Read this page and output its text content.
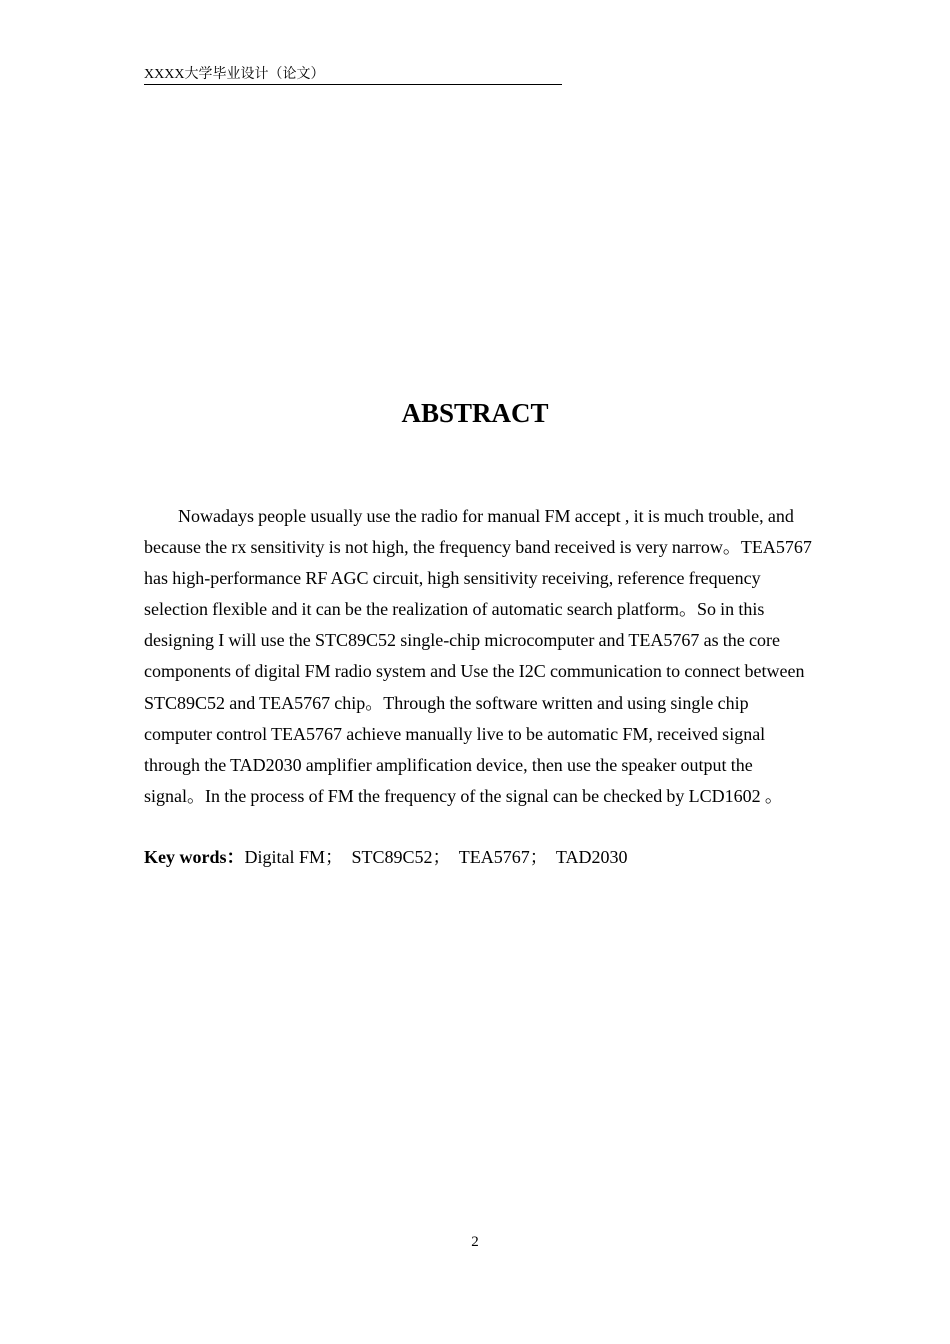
XXXX大学毕业设计（论文）
ABSTRACT

Nowadays people usually use the radio for manual FM accept , it is much trouble, and because the rx sensitivity is not high, the frequency band received is very narrow。TEA5767 has high-performance RF AGC circuit, high sensitivity receiving, reference frequency selection flexible and it can be the realization of automatic search platform。So in this designing I will use the STC89C52 single-chip microcomputer and TEA5767 as the core components of digital FM radio system and Use the I2C communication to connect between STC89C52 and TEA5767 chip。Through the software written and using single chip computer control TEA5767 achieve manually live to be automatic FM, received signal through the TAD2030 amplifier amplification device, then use the speaker output the signal。In the process of FM the frequency of the signal can be checked by LCD1602 。

Key words：Digital FM； STC89C52； TEA5767； TAD2030
2
